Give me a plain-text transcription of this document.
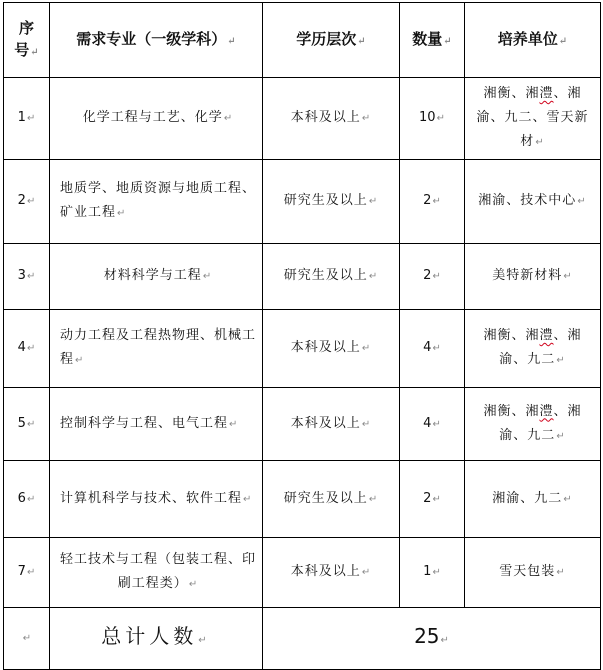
序
号↵	需求专业（一级学科）↵	学历层次↵	数量↵	培养单位↵
1↵	化学工程与工艺、化学↵	本科及以上↵	10↵	湘衡、湘澧、湘渝、九二、雪天新材↵
2↵	地质学、地质资源与地质工程、矿业工程↵	研究生及以上↵	2↵	湘渝、技术中心↵
3↵	材料科学与工程↵	研究生及以上↵	2↵	美特新材料↵
4↵	动力工程及工程热物理、机械工程↵	本科及以上↵	4↵	湘衡、湘澧、湘渝、九二↵
5↵	控制科学与工程、电气工程↵	本科及以上↵	4↵	湘衡、湘澧、湘渝、九二↵
6↵	计算机科学与技术、软件工程↵	研究生及以上↵	2↵	湘渝、九二↵
7↵	轻工技术与工程（包装工程、印刷工程类）↵	本科及以上↵	1↵	雪天包装↵
↵	总计人数↵	25↵		
